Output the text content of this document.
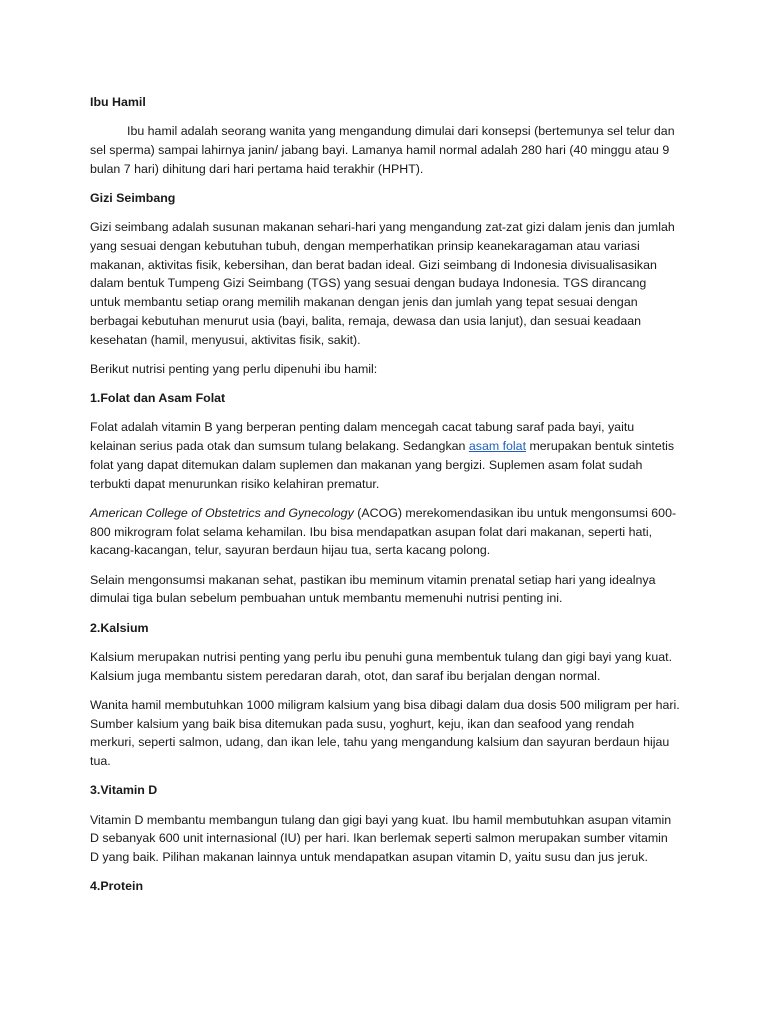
Ibu Hamil

Ibu hamil adalah seorang wanita yang mengandung dimulai dari konsepsi (bertemunya sel telur dan sel sperma) sampai lahirnya janin/ jabang bayi. Lamanya hamil normal adalah 280 hari (40 minggu atau 9 bulan 7 hari) dihitung dari hari pertama haid terakhir (HPHT).

Gizi Seimbang

Gizi seimbang adalah susunan makanan sehari-hari yang mengandung zat-zat gizi dalam jenis dan jumlah yang sesuai dengan kebutuhan tubuh, dengan memperhatikan prinsip keanekaragaman atau variasi makanan, aktivitas fisik, kebersihan, dan berat badan ideal. Gizi seimbang di Indonesia divisualisasikan dalam bentuk Tumpeng Gizi Seimbang (TGS) yang sesuai dengan budaya Indonesia. TGS dirancang untuk membantu setiap orang memilih makanan dengan jenis dan jumlah yang tepat sesuai dengan berbagai kebutuhan menurut usia (bayi, balita, remaja, dewasa dan usia lanjut), dan sesuai keadaan kesehatan (hamil, menyusui, aktivitas fisik, sakit).

Berikut nutrisi penting yang perlu dipenuhi ibu hamil:

1.Folat dan Asam Folat

Folat adalah vitamin B yang berperan penting dalam mencegah cacat tabung saraf pada bayi, yaitu kelainan serius pada otak dan sumsum tulang belakang. Sedangkan asam folat merupakan bentuk sintetis folat yang dapat ditemukan dalam suplemen dan makanan yang bergizi. Suplemen asam folat sudah terbukti dapat menurunkan risiko kelahiran prematur.

American College of Obstetrics and Gynecology (ACOG) merekomendasikan ibu untuk mengonsumsi 600-800 mikrogram folat selama kehamilan. Ibu bisa mendapatkan asupan folat dari makanan, seperti hati, kacang-kacangan, telur, sayuran berdaun hijau tua, serta kacang polong.

Selain mengonsumsi makanan sehat, pastikan ibu meminum vitamin prenatal setiap hari yang idealnya dimulai tiga bulan sebelum pembuahan untuk membantu memenuhi nutrisi penting ini.

2.Kalsium

Kalsium merupakan nutrisi penting yang perlu ibu penuhi guna membentuk tulang dan gigi bayi yang kuat. Kalsium juga membantu sistem peredaran darah, otot, dan saraf ibu berjalan dengan normal.

Wanita hamil membutuhkan 1000 miligram kalsium yang bisa dibagi dalam dua dosis 500 miligram per hari. Sumber kalsium yang baik bisa ditemukan pada susu, yoghurt, keju, ikan dan seafood yang rendah merkuri, seperti salmon, udang, dan ikan lele, tahu yang mengandung kalsium dan sayuran berdaun hijau tua.

3.Vitamin D

Vitamin D membantu membangun tulang dan gigi bayi yang kuat. Ibu hamil membutuhkan asupan vitamin D sebanyak 600 unit internasional (IU) per hari. Ikan berlemak seperti salmon merupakan sumber vitamin D yang baik. Pilihan makanan lainnya untuk mendapatkan asupan vitamin D, yaitu susu dan jus jeruk.

4.Protein
